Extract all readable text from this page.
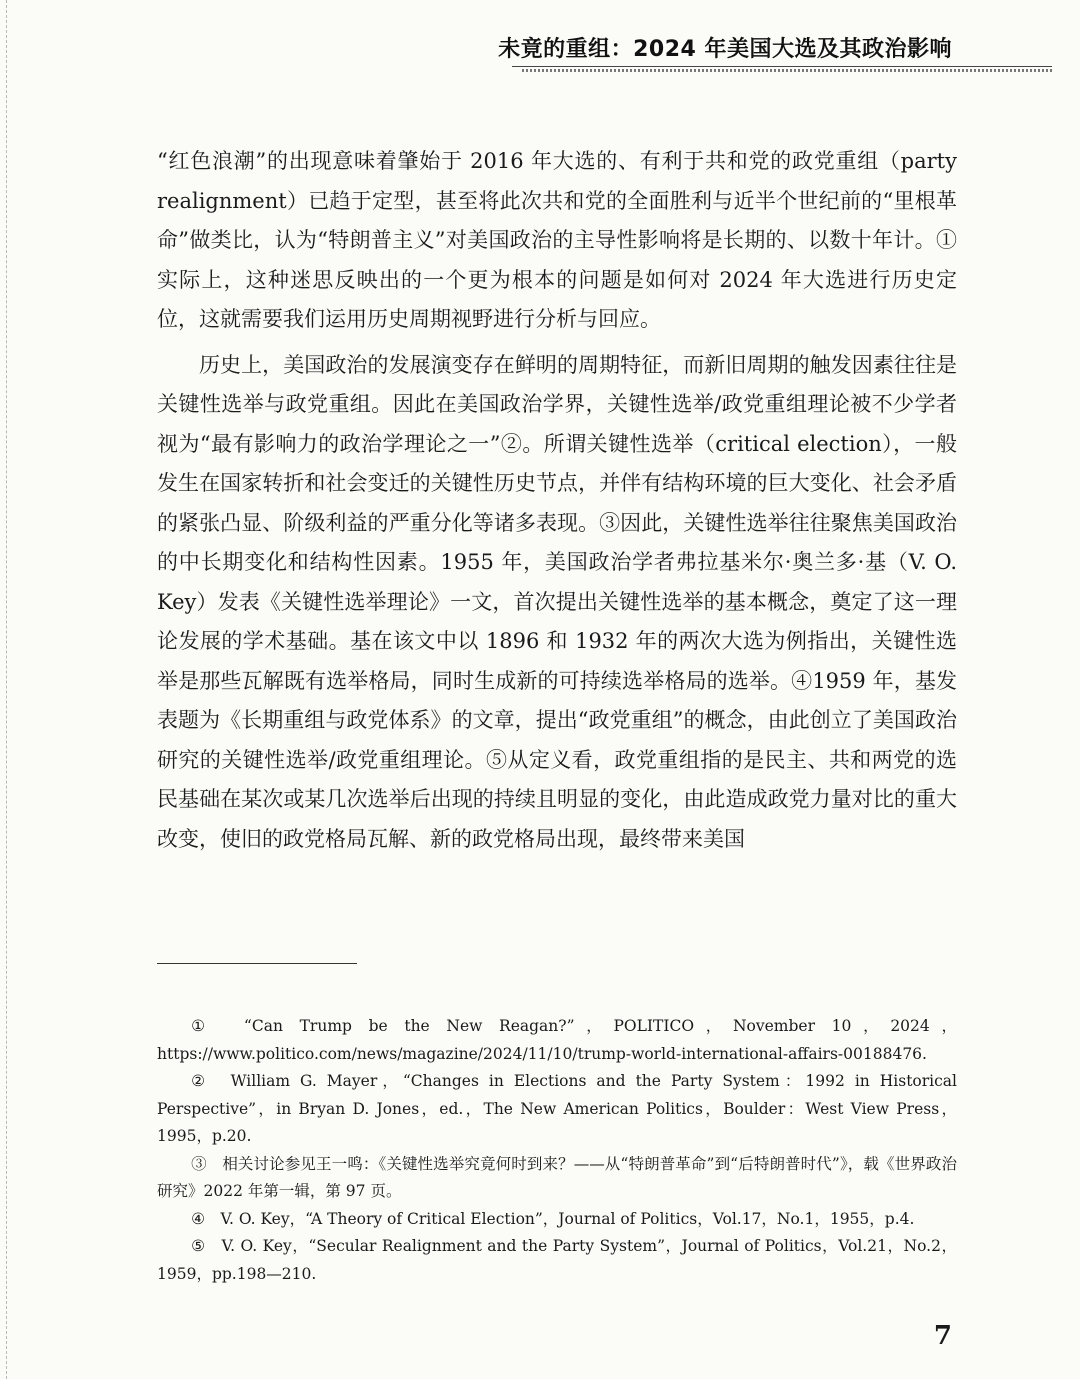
未竟的重组：2024 年美国大选及其政治影响

“红色浪潮”的出现意味着肇始于 2016 年大选的、有利于共和党的政党重组（party realignment）已趋于定型，甚至将此次共和党的全面胜利与近半个世纪前的“里根革命”做类比，认为“特朗普主义”对美国政治的主导性影响将是长期的、以数十年计。①实际上，这种迷思反映出的一个更为根本的问题是如何对 2024 年大选进行历史定位，这就需要我们运用历史周期视野进行分析与回应。

历史上，美国政治的发展演变存在鲜明的周期特征，而新旧周期的触发因素往往是关键性选举与政党重组。因此在美国政治学界，关键性选举/政党重组理论被不少学者视为“最有影响力的政治学理论之一”②。所谓关键性选举（critical election），一般发生在国家转折和社会变迁的关键性历史节点，并伴有结构环境的巨大变化、社会矛盾的紧张凸显、阶级利益的严重分化等诸多表现。③因此，关键性选举往往聚焦美国政治的中长期变化和结构性因素。1955 年，美国政治学者弗拉基米尔·奥兰多·基（V. O. Key）发表《关键性选举理论》一文，首次提出关键性选举的基本概念，奠定了这一理论发展的学术基础。基在该文中以 1896 和 1932 年的两次大选为例指出，关键性选举是那些瓦解既有选举格局，同时生成新的可持续选举格局的选举。④1959 年，基发表题为《长期重组与政党体系》的文章，提出“政党重组”的概念，由此创立了美国政治研究的关键性选举/政党重组理论。⑤从定义看，政党重组指的是民主、共和两党的选民基础在某次或某几次选举后出现的持续且明显的变化，由此造成政党力量对比的重大改变，使旧的政党格局瓦解、新的政党格局出现，最终带来美国

①　“Can Trump be the New Reagan?”，POLITICO，November 10，2024，https://www.politico.com/news/magazine/2024/11/10/trump-world-international-affairs-00188476.

②　William G. Mayer，“Changes in Elections and the Party System：1992 in Historical Perspective”，in Bryan D. Jones，ed.，The New American Politics，Boulder：West View Press，1995，p.20.

③　相关讨论参见王一鸣：《关键性选举究竟何时到来？——从“特朗普革命”到“后特朗普时代”》，载《世界政治研究》2022 年第一辑，第 97 页。

④　V. O. Key，“A Theory of Critical Election”，Journal of Politics，Vol.17，No.1，1955，p.4.

⑤　V. O. Key，“Secular Realignment and the Party System”，Journal of Politics，Vol.21，No.2，1959，pp.198—210.

7
